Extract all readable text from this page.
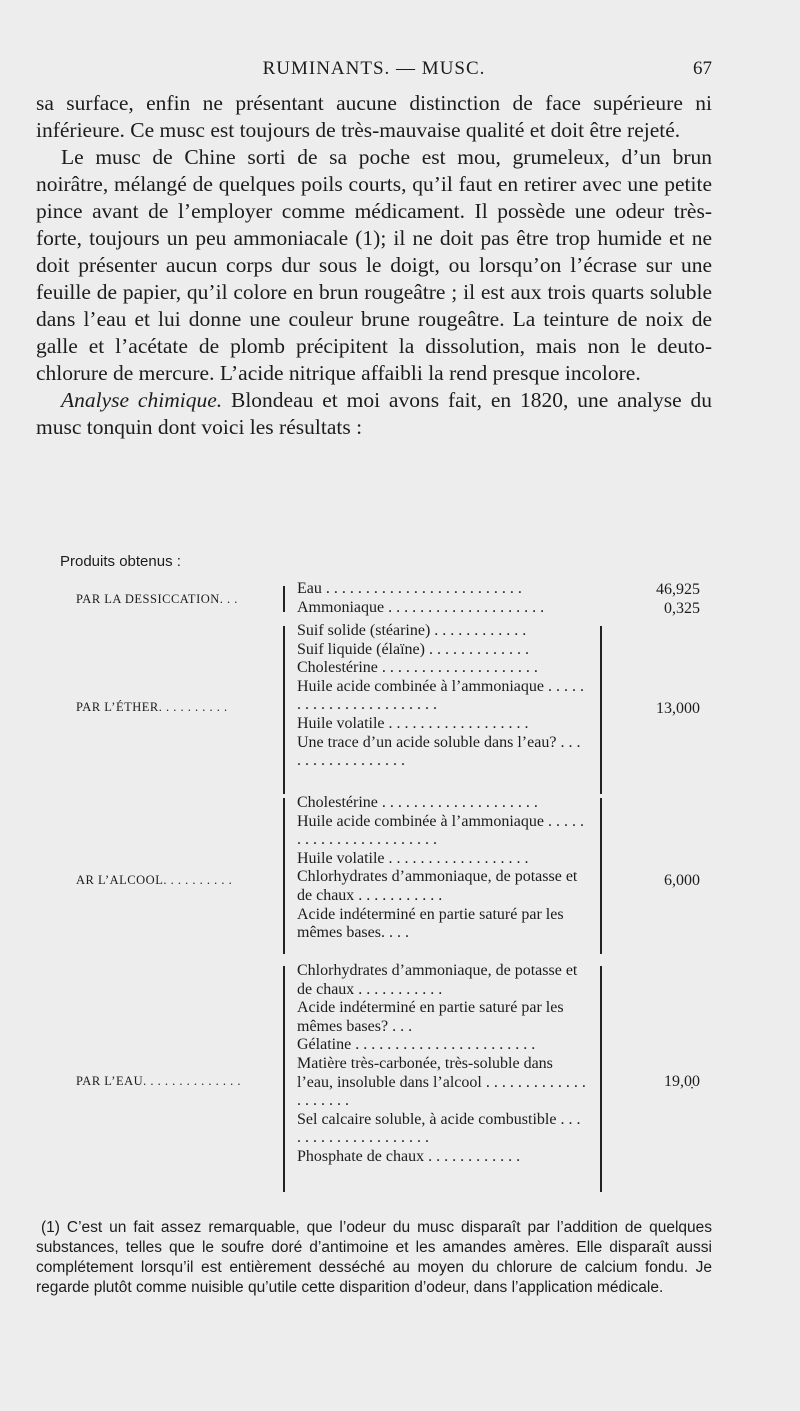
RUMINANTS. — MUSC.	67

sa surface, enfin ne présentant aucune distinction de face supérieure ni inférieure. Ce musc est toujours de très-mauvaise qualité et doit être rejeté.

Le musc de Chine sorti de sa poche est mou, grumeleux, d’un brun noirâtre, mélangé de quelques poils courts, qu’il faut en retirer avec une petite pince avant de l’employer comme médicament. Il possède une odeur très-forte, toujours un peu ammoniacale (1); il ne doit pas être trop humide et ne doit présenter aucun corps dur sous le doigt, ou lorsqu’on l’écrase sur une feuille de papier, qu’il colore en brun rougeâtre ; il est aux trois quarts soluble dans l’eau et lui donne une couleur brune rougeâtre. La teinture de noix de galle et l’acétate de plomb précipitent la dissolution, mais non le deuto-chlorure de mercure. L’acide nitrique affaibli la rend presque incolore.

Analyse chimique. Blondeau et moi avons fait, en 1820, une analyse du musc tonquin dont voici les résultats :

Produits obtenus :
PAR LA DESSICCATION. . .
Eau . . . . . . . . . . . . . . . . . . . . . . . . .
Ammoniaque . . . . . . . . . . . . . . . . . . . .
46,925
0,325
PAR L’ÉTHER. . . . . . . . . .
Suif solide (stéarine) . . . . . . . . . . . .
Suif liquide (élaïne) . . . . . . . . . . . . .
Cholestérine . . . . . . . . . . . . . . . . . . . .
Huile acide combinée à l’ammoniaque . . . . . . . . . . . . . . . . . . . . . . .
Huile volatile . . . . . . . . . . . . . . . . . .
Une trace d’un acide soluble dans l’eau? . . . . . . . . . . . . . . . . .
13,000
AR L’ALCOOL. . . . . . . . . .
Cholestérine . . . . . . . . . . . . . . . . . . . .
Huile acide combinée à l’ammoniaque . . . . . . . . . . . . . . . . . . . . . . .
Huile volatile . . . . . . . . . . . . . . . . . .
Chlorhydrates d’ammoniaque, de potasse et de chaux . . . . . . . . . . .
Acide indéterminé en partie saturé par les mêmes bases. . . .
6,000
PAR L’EAU. . . . . . . . . . . . . .
Chlorhydrates d’ammoniaque, de potasse et de chaux . . . . . . . . . . .
Acide indéterminé en partie saturé par les mêmes bases? . . .
Gélatine . . . . . . . . . . . . . . . . . . . . . . .
Matière très-carbonée, très-soluble dans l’eau, insoluble dans l’alcool . . . . . . . . . . . . . . . . . . . .
Sel calcaire soluble, à acide combustible . . . . . . . . . . . . . . . . . . . .
Phosphate de chaux . . . . . . . . . . . .
19,0̣0

(1) C’est un fait assez remarquable, que l’odeur du musc disparaît par l’addition de quelques substances, telles que le soufre doré d’antimoine et les amandes amères. Elle disparaît aussi complétement lorsqu’il est entièrement desséché au moyen du chlorure de calcium fondu. Je regarde plutôt comme nuisible qu’utile cette disparition d’odeur, dans l’application médicale.
